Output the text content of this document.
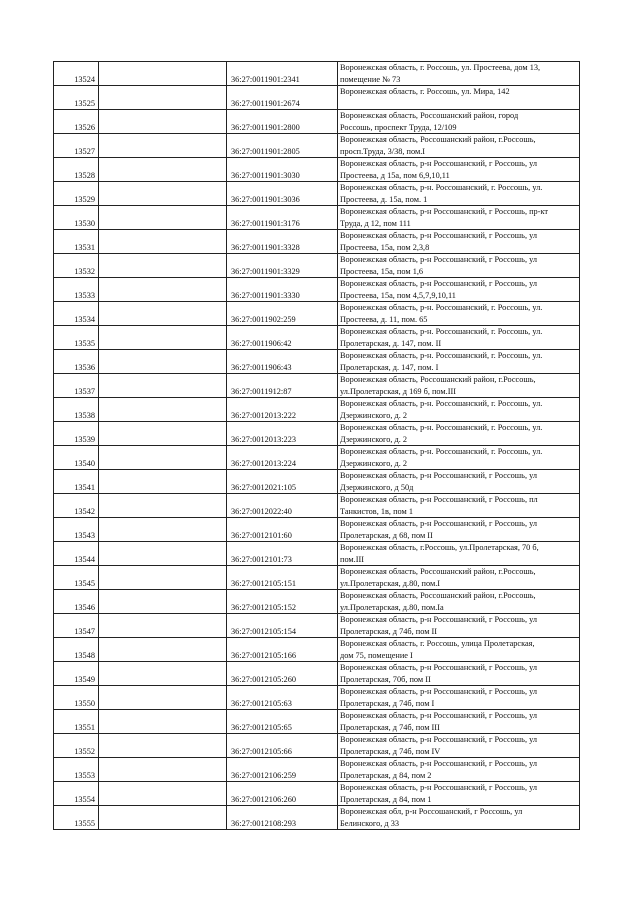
13524		36:27:0011901:2341	Воронежская область, г. Россошь, ул. Простеева, дом 13,
помещение № 73

13525		36:27:0011901:2674	Воронежская область, г. Россошь, ул. Мира, 142

13526		36:27:0011901:2800	Воронежская область, Россошанский район, город
Россошь, проспект Труда, 12/109

13527		36:27:0011901:2805	Воронежская область, Россошанский район, г.Россошь,
просп.Труда, 3/38, пом.I

13528		36:27:0011901:3030	Воронежская область, р-н Россошанский, г Россошь, ул
Простеева, д 15а, пом 6,9,10,11

13529		36:27:0011901:3036	Воронежская область, р-н. Россошанский, г. Россошь, ул.
Простеева, д. 15а, пом. 1

13530		36:27:0011901:3176	Воронежская область, р-н Россошанский, г Россошь, пр-кт
Труда, д 12, пом 111

13531		36:27:0011901:3328	Воронежская область, р-н Россошанский, г Россошь, ул
Простеева, 15а, пом 2,3,8

13532		36:27:0011901:3329	Воронежская область, р-н Россошанский, г Россошь, ул
Простеева, 15а, пом 1,6

13533		36:27:0011901:3330	Воронежская область, р-н Россошанский, г Россошь, ул
Простеева, 15а, пом 4,5,7,9,10,11

13534		36:27:0011902:259	Воронежская область, р-н. Россошанский, г. Россошь, ул.
Простеева, д. 11, пом. 65

13535		36:27:0011906:42	Воронежская область, р-н. Россошанский, г. Россошь, ул.
Пролетарская, д. 147, пом. II

13536		36:27:0011906:43	Воронежская область, р-н. Россошанский, г. Россошь, ул.
Пролетарская, д. 147, пом. I

13537		36:27:0011912:87	Воронежская область, Россошанский район, г.Россошь,
ул.Пролетарская, д 169 б, пом.III

13538		36:27:0012013:222	Воронежская область, р-н. Россошанский, г. Россошь, ул.
Дзержинского, д. 2

13539		36:27:0012013:223	Воронежская область, р-н. Россошанский, г. Россошь, ул.
Дзержинского, д. 2

13540		36:27:0012013:224	Воронежская область, р-н. Россошанский, г. Россошь, ул.
Дзержинского, д. 2

13541		36:27:0012021:105	Воронежская область, р-н Россошанский, г Россошь, ул
Дзержинского, д 50д

13542		36:27:0012022:40	Воронежская область, р-н Россошанский, г Россошь, пл
Танкистов, 1в, пом 1

13543		36:27:0012101:60	Воронежская область, р-н Россошанский, г Россошь, ул
Пролетарская, д 68, пом II

13544		36:27:0012101:73	Воронежская область, г.Россошь, ул.Пролетарская, 70 б,
пом.III

13545		36:27:0012105:151	Воронежская область, Россошанский район, г.Россошь,
ул.Пролетарская, д.80, пом.I

13546		36:27:0012105:152	Воронежская область, Россошанский район, г.Россошь,
ул.Пролетарская, д.80, пом.Iа

13547		36:27:0012105:154	Воронежская область, р-н Россошанский, г Россошь, ул
Пролетарская, д 74б, пом II

13548		36:27:0012105:166	Воронежская область, г. Россошь, улица Пролетарская,
дом 75, помещение I

13549		36:27:0012105:260	Воронежская область, р-н Россошанский, г Россошь, ул
Пролетарская, 70б, пом II

13550		36:27:0012105:63	Воронежская область, р-н Россошанский, г Россошь, ул
Пролетарская, д 74б, пом I

13551		36:27:0012105:65	Воронежская область, р-н Россошанский, г Россошь, ул
Пролетарская, д 74б, пом III

13552		36:27:0012105:66	Воронежская область, р-н Россошанский, г Россошь, ул
Пролетарская, д 74б, пом IV

13553		36:27:0012106:259	Воронежская область, р-н Россошанский, г Россошь, ул
Пролетарская, д 84, пом 2

13554		36:27:0012106:260	Воронежская область, р-н Россошанский, г Россошь, ул
Пролетарская, д 84, пом 1

13555		36:27:0012108:293	Воронежская обл, р-н Россошанский, г Россошь, ул
Белинского, д 33
